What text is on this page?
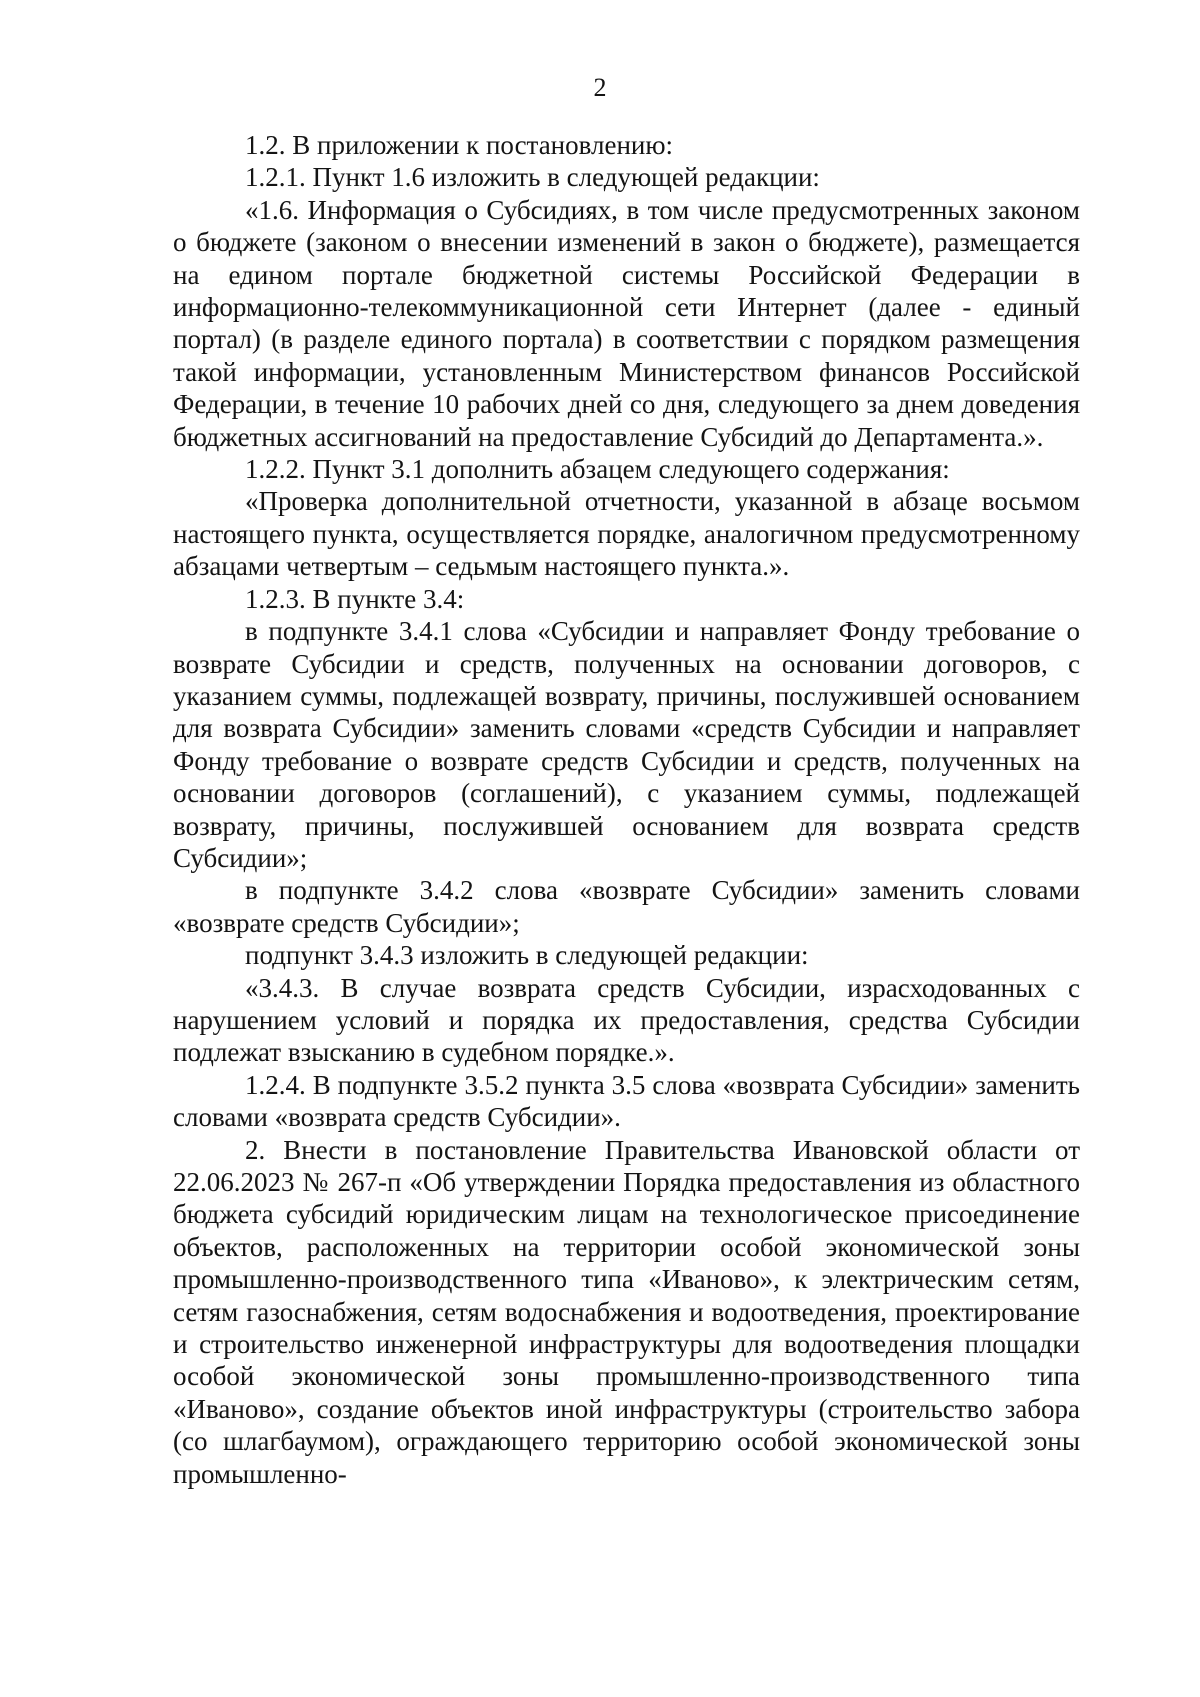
2

1.2. В приложении к постановлению:

1.2.1. Пункт 1.6 изложить в следующей редакции:

«1.6. Информация о Субсидиях, в том числе предусмотренных законом о бюджете (законом о внесении изменений в закон о бюджете), размещается на едином портале бюджетной системы Российской Федерации в информационно-телекоммуникационной сети Интернет (далее - единый портал) (в разделе единого портала) в соответствии с порядком размещения такой информации, установленным Министерством финансов Российской Федерации, в течение 10 рабочих дней со дня, следующего за днем доведения бюджетных ассигнований на предоставление Субсидий до Департамента.».

1.2.2. Пункт 3.1 дополнить абзацем следующего содержания:

«Проверка дополнительной отчетности, указанной в абзаце восьмом настоящего пункта, осуществляется порядке, аналогичном предусмотренному абзацами четвертым – седьмым настоящего пункта.».

1.2.3. В пункте 3.4:

в подпункте 3.4.1 слова «Субсидии и направляет Фонду требование о возврате Субсидии и средств, полученных на основании договоров, с указанием суммы, подлежащей возврату, причины, послужившей основанием для возврата Субсидии» заменить словами «средств Субсидии и направляет Фонду требование о возврате средств Субсидии и средств, полученных на основании договоров (соглашений), с указанием суммы, подлежащей возврату, причины, послужившей основанием для возврата средств Субсидии»;

в подпункте 3.4.2 слова «возврате Субсидии» заменить словами «возврате средств Субсидии»;

подпункт 3.4.3 изложить в следующей редакции:

«3.4.3. В случае возврата средств Субсидии, израсходованных с нарушением условий и порядка их предоставления, средства Субсидии подлежат взысканию в судебном порядке.».

1.2.4. В подпункте 3.5.2 пункта 3.5 слова «возврата Субсидии» заменить словами «возврата средств Субсидии».

2. Внести в постановление Правительства Ивановской области от 22.06.2023 № 267-п «Об утверждении Порядка предоставления из областного бюджета субсидий юридическим лицам на технологическое присоединение объектов, расположенных на территории особой экономической зоны промышленно-производственного типа «Иваново», к электрическим сетям, сетям газоснабжения, сетям водоснабжения и водоотведения, проектирование и строительство инженерной инфраструктуры для водоотведения площадки особой экономической зоны промышленно-производственного типа «Иваново», создание объектов иной инфраструктуры (строительство забора (со шлагбаумом), ограждающего территорию особой экономической зоны промышленно-
